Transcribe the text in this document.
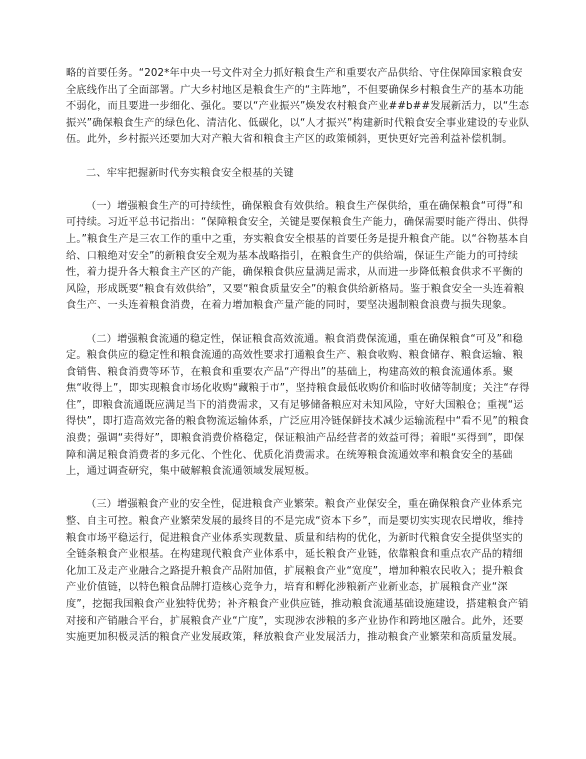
略的首要任务。“202*年中央一号文件对全力抓好粮食生产和重要农产品供给、守住保障国家粮食安全底线作出了全面部署。广大乡村地区是粮食生产的“主阵地”，不但要确保乡村粮食生产的基本功能不弱化，而且要进一步细化、强化。要以“产业振兴”焕发农村粮食产业##b##发展新活力，以“生态振兴”确保粮食生产的绿色化、清洁化、低碳化，以“人才振兴”构建新时代粮食安全事业建设的专业队伍。此外，乡村振兴还要加大对产粮大省和粮食主产区的政策倾斜，更快更好完善利益补偿机制。

二、牢牢把握新时代夯实粮食安全根基的关键

（一）增强粮食生产的可持续性，确保粮食有效供给。粮食生产保供给，重在确保粮食“可得”和可持续。习近平总书记指出：“保障粮食安全，关键是要保粮食生产能力，确保需要时能产得出、供得上。”粮食生产是三农工作的重中之重，夯实粮食安全根基的首要任务是提升粮食产能。以“谷物基本自给、口粮绝对安全”的新粮食安全观为基本战略指引，在粮食生产的供给端，保证生产能力的可持续性，着力提升各大粮食主产区的产能，确保粮食供应量满足需求，从而进一步降低粮食供求不平衡的风险，形成既要“粮食有效供给”，又要“粮食质量安全”的粮食供给新格局。鉴于粮食安全一头连着粮食生产、一头连着粮食消费，在着力增加粮食产量产能的同时，要坚决遏制粮食浪费与损失现象。

（二）增强粮食流通的稳定性，保证粮食高效流通。粮食消费保流通，重在确保粮食“可及”和稳定。粮食供应的稳定性和粮食流通的高效性要求打通粮食生产、粮食收购、粮食储存、粮食运输、粮食销售、粮食消费等环节，在粮食和重要农产品“产得出”的基础上，构建高效的粮食流通体系。聚焦“收得上”，即实现粮食市场化收购“藏粮于市”，坚持粮食最低收购价和临时收储等制度；关注“存得住”，即粮食流通既应满足当下的消费需求，又有足够储备粮应对未知风险，守好大国粮仓；重视“运得快”，即打造高效完备的粮食物流运输体系，广泛应用冷链保鲜技术减少运输流程中“看不见”的粮食浪费；强调“卖得好”，即粮食消费价格稳定，保证粮油产品经营者的效益可得；着眼“买得到”，即保障和满足粮食消费者的多元化、个性化、优质化消费需求。在统筹粮食流通效率和粮食安全的基础上，通过调查研究，集中破解粮食流通领域发展短板。

（三）增强粮食产业的安全性，促进粮食产业繁荣。粮食产业保安全，重在确保粮食产业体系完整、自主可控。粮食产业繁荣发展的最终目的不是完成“资本下乡”，而是要切实实现农民增收，维持粮食市场平稳运行，促进粮食产业体系实现数量、质量和结构的优化，为新时代粮食安全提供坚实的全链条粮食产业根基。在构建现代粮食产业体系中，延长粮食产业链，依靠粮食和重点农产品的精细化加工及走产业融合之路提升粮食产品附加值，扩展粮食产业“宽度”，增加种粮农民收入；提升粮食产业价值链，以特色粮食品牌打造核心竞争力，培育和孵化涉粮新产业新业态，扩展粮食产业“深度”，挖掘我国粮食产业独特优势；补齐粮食产业供应链，推动粮食流通基础设施建设，搭建粮食产销对接和产销融合平台，扩展粮食产业“广度”，实现涉农涉粮的多产业协作和跨地区融合。此外，还要实施更加积极灵活的粮食产业发展政策，释放粮食产业发展活力，推动粮食产业繁荣和高质量发展。
